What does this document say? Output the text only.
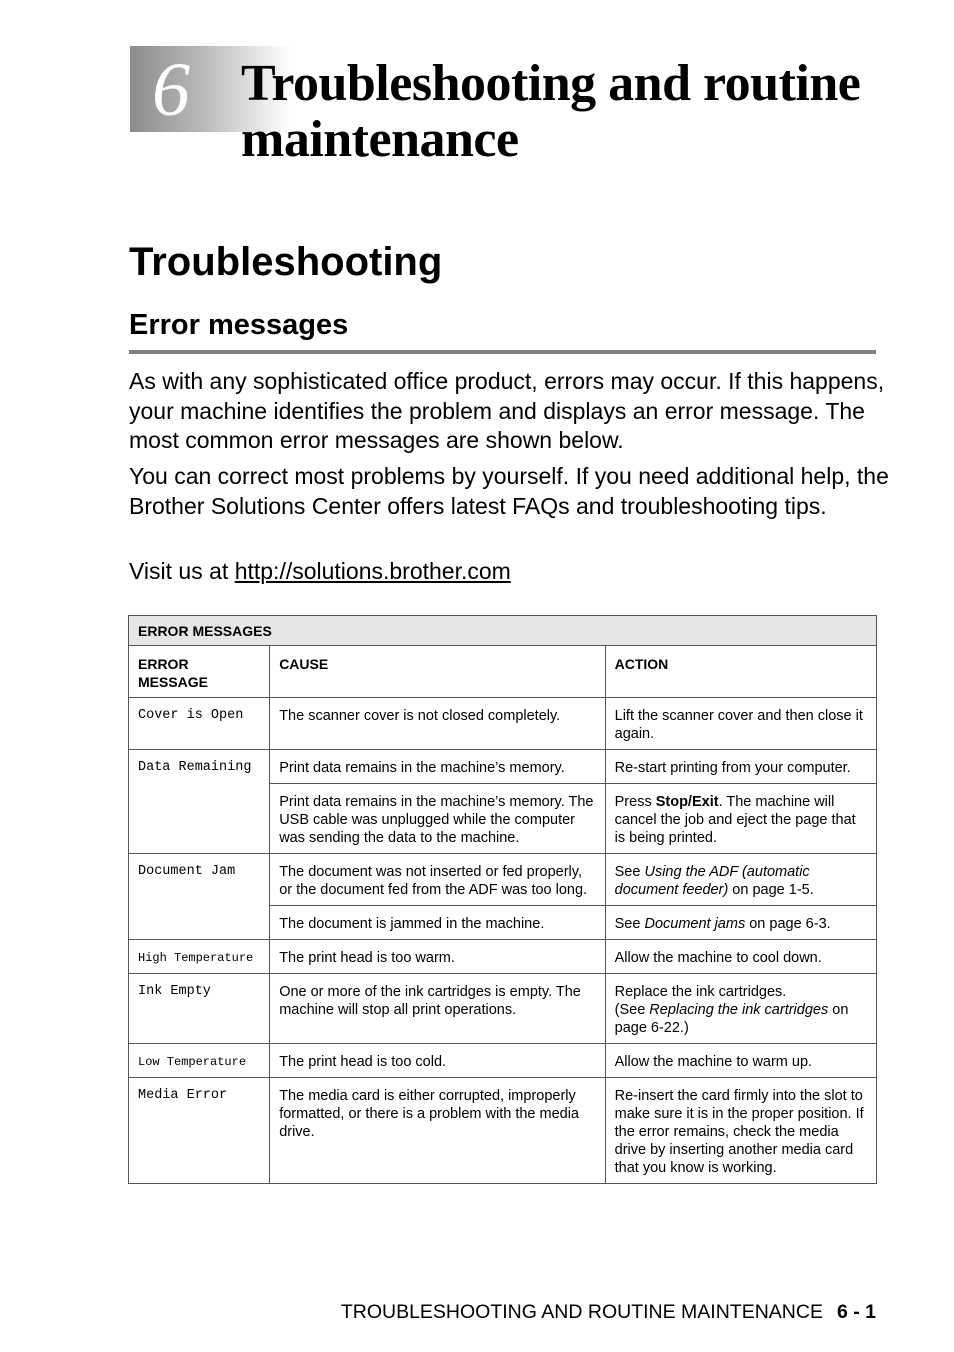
6 Troubleshooting and routine
maintenance
Troubleshooting
Error messages

As with any sophisticated office product, errors may occur. If this happens, your machine identifies the problem and displays an error message. The most common error messages are shown below.

You can correct most problems by yourself. If you need additional help, the Brother Solutions Center offers latest FAQs and troubleshooting tips.

Visit us at http://solutions.brother.com

ERROR MESSAGES		
ERROR MESSAGE	CAUSE	ACTION
Cover is Open	The scanner cover is not closed completely.	Lift the scanner cover and then close it again.
Data Remaining	Print data remains in the machine’s memory.	Re-start printing from your computer.
	Print data remains in the machine’s memory. The USB cable was unplugged while the computer was sending the data to the machine.	Press Stop/Exit. The machine will cancel the job and eject the page that is being printed.
Document Jam	The document was not inserted or fed properly, or the document fed from the ADF was too long.	See Using the ADF (automatic document feeder) on page 1-5.
	The document is jammed in the machine.	See Document jams on page 6-3.
High Temperature	The print head is too warm.	Allow the machine to cool down.
Ink Empty	One or more of the ink cartridges is empty. The machine will stop all print operations.	Replace the ink cartridges.
(See Replacing the ink cartridges on page 6-22.)
Low Temperature	The print head is too cold.	Allow the machine to warm up.
Media Error	The media card is either corrupted, improperly formatted, or there is a problem with the media drive.	Re-insert the card firmly into the slot to make sure it is in the proper position. If the error remains, check the media drive by inserting another media card that you know is working.
TROUBLESHOOTING AND ROUTINE MAINTENANCE 6 - 1
